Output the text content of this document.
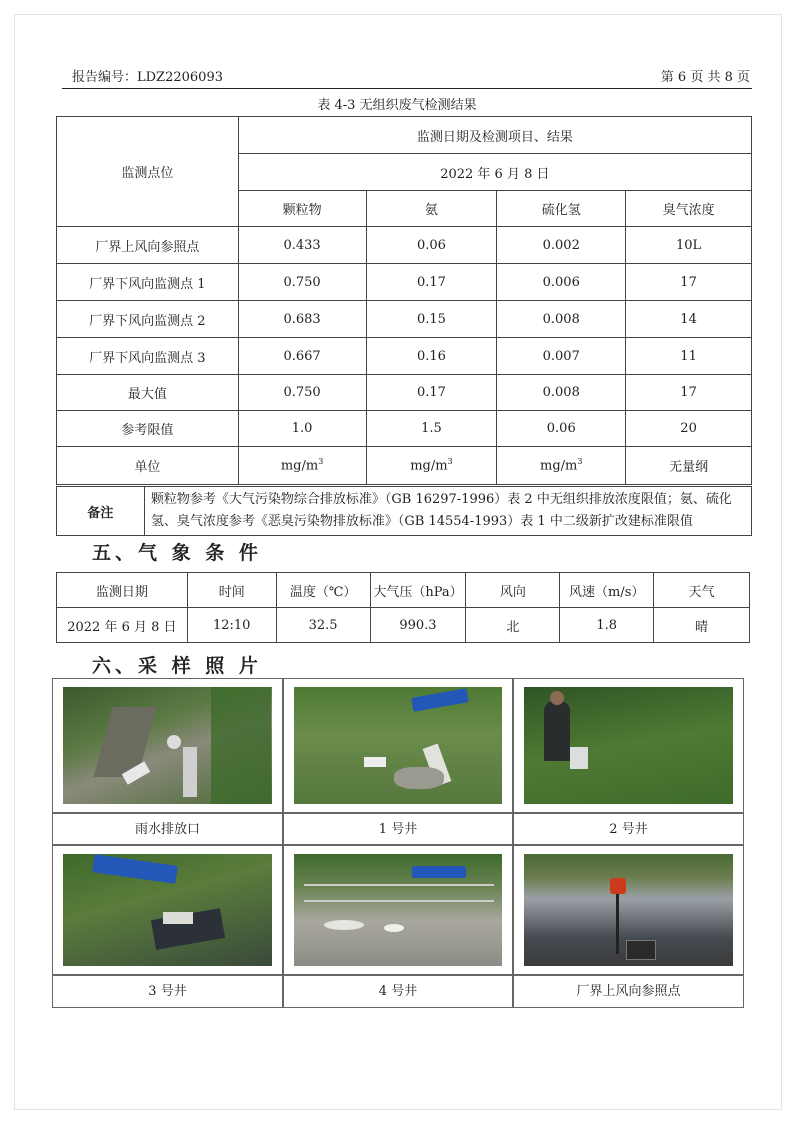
报告编号：LDZ2206093	第 6 页 共 8 页
表 4-3 无组织废气检测结果
监测点位	监测日期及检测项目、结果			
	2022 年 6 月 8 日			
	颗粒物	氨	硫化氢	臭气浓度
厂界上风向参照点	0.433	0.06	0.002	10L
厂界下风向监测点 1	0.750	0.17	0.006	17
厂界下风向监测点 2	0.683	0.15	0.008	14
厂界下风向监测点 3	0.667	0.16	0.007	11
最大值	0.750	0.17	0.008	17
参考限值	1.0	1.5	0.06	20
单位	$mg/m^3$	$mg/m^3$	$mg/m^3$	无量纲
备注	颗粒物参考《大气污染物综合排放标准》（GB 16297-1996）表 2 中无组织排放浓度限值；氨、硫化氢、臭气浓度参考《恶臭污染物排放标准》（GB 14554-1993）表 1 中二级新扩改建标准限值
五、气 象 条 件
监测日期	时间	温度（℃）	大气压（hPa）	风向	风速（m/s）	天气
2022 年 6 月 8 日	12:10	32.5	990.3	北	1.8	晴
六、采 样 照 片
雨水排放口	1 号井	2 号井
3 号井	4 号井	厂界上风向参照点
